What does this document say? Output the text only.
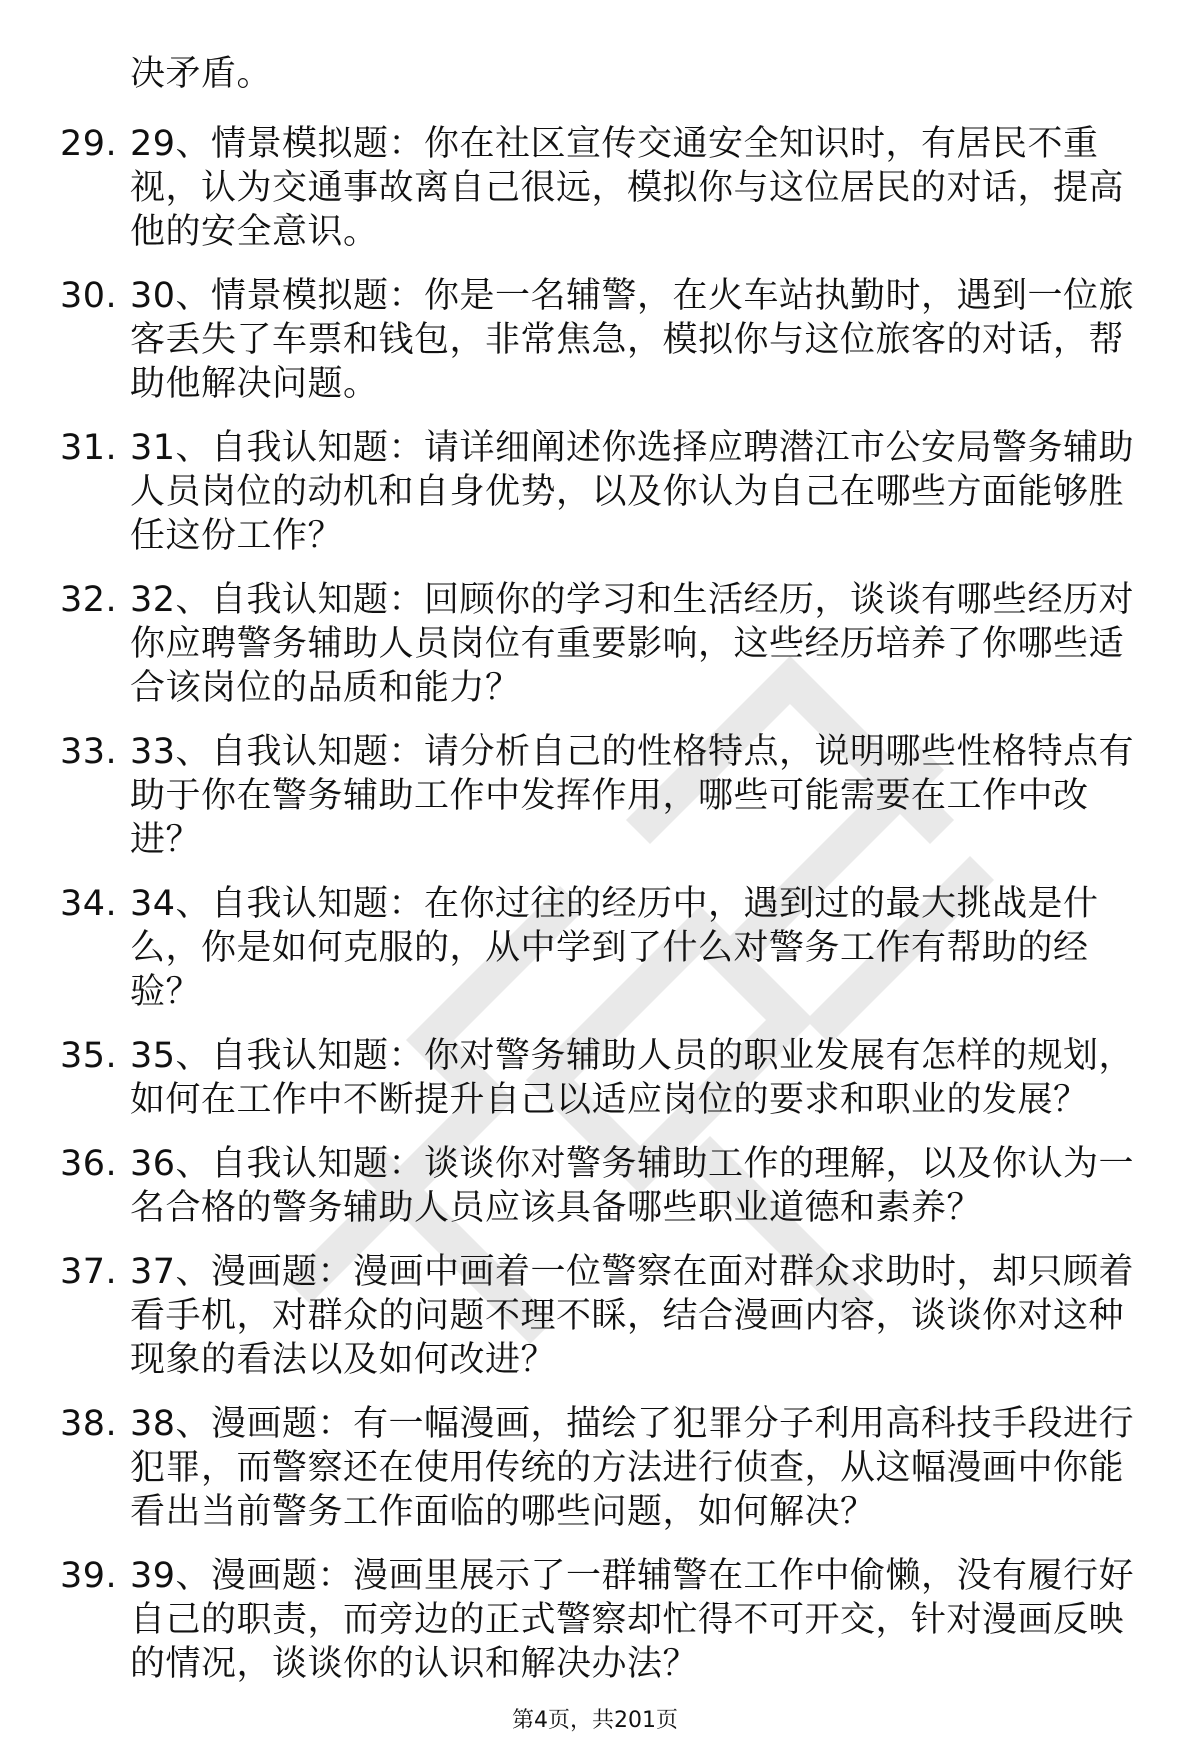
决矛盾。

29. 29、情景模拟题：你在社区宣传交通安全知识时，有居民不重视，认为交通事故离自己很远，模拟你与这位居民的对话，提高他的安全意识。
30. 30、情景模拟题：你是一名辅警，在火车站执勤时，遇到一位旅客丢失了车票和钱包，非常焦急，模拟你与这位旅客的对话，帮助他解决问题。
31. 31、自我认知题：请详细阐述你选择应聘潜江市公安局警务辅助人员岗位的动机和自身优势，以及你认为自己在哪些方面能够胜任这份工作？
32. 32、自我认知题：回顾你的学习和生活经历，谈谈有哪些经历对你应聘警务辅助人员岗位有重要影响，这些经历培养了你哪些适合该岗位的品质和能力？
33. 33、自我认知题：请分析自己的性格特点，说明哪些性格特点有助于你在警务辅助工作中发挥作用，哪些可能需要在工作中改进？
34. 34、自我认知题：在你过往的经历中，遇到过的最大挑战是什么，你是如何克服的，从中学到了什么对警务工作有帮助的经验？
35. 35、自我认知题：你对警务辅助人员的职业发展有怎样的规划，如何在工作中不断提升自己以适应岗位的要求和职业的发展？
36. 36、自我认知题：谈谈你对警务辅助工作的理解，以及你认为一名合格的警务辅助人员应该具备哪些职业道德和素养？
37. 37、漫画题：漫画中画着一位警察在面对群众求助时，却只顾着看手机，对群众的问题不理不睬，结合漫画内容，谈谈你对这种现象的看法以及如何改进？
38. 38、漫画题：有一幅漫画，描绘了犯罪分子利用高科技手段进行犯罪，而警察还在使用传统的方法进行侦查，从这幅漫画中你能看出当前警务工作面临的哪些问题，如何解决？
39. 39、漫画题：漫画里展示了一群辅警在工作中偷懒，没有履行好自己的职责，而旁边的正式警察却忙得不可开交，针对漫画反映的情况，谈谈你的认识和解决办法？
第4页，共201页
